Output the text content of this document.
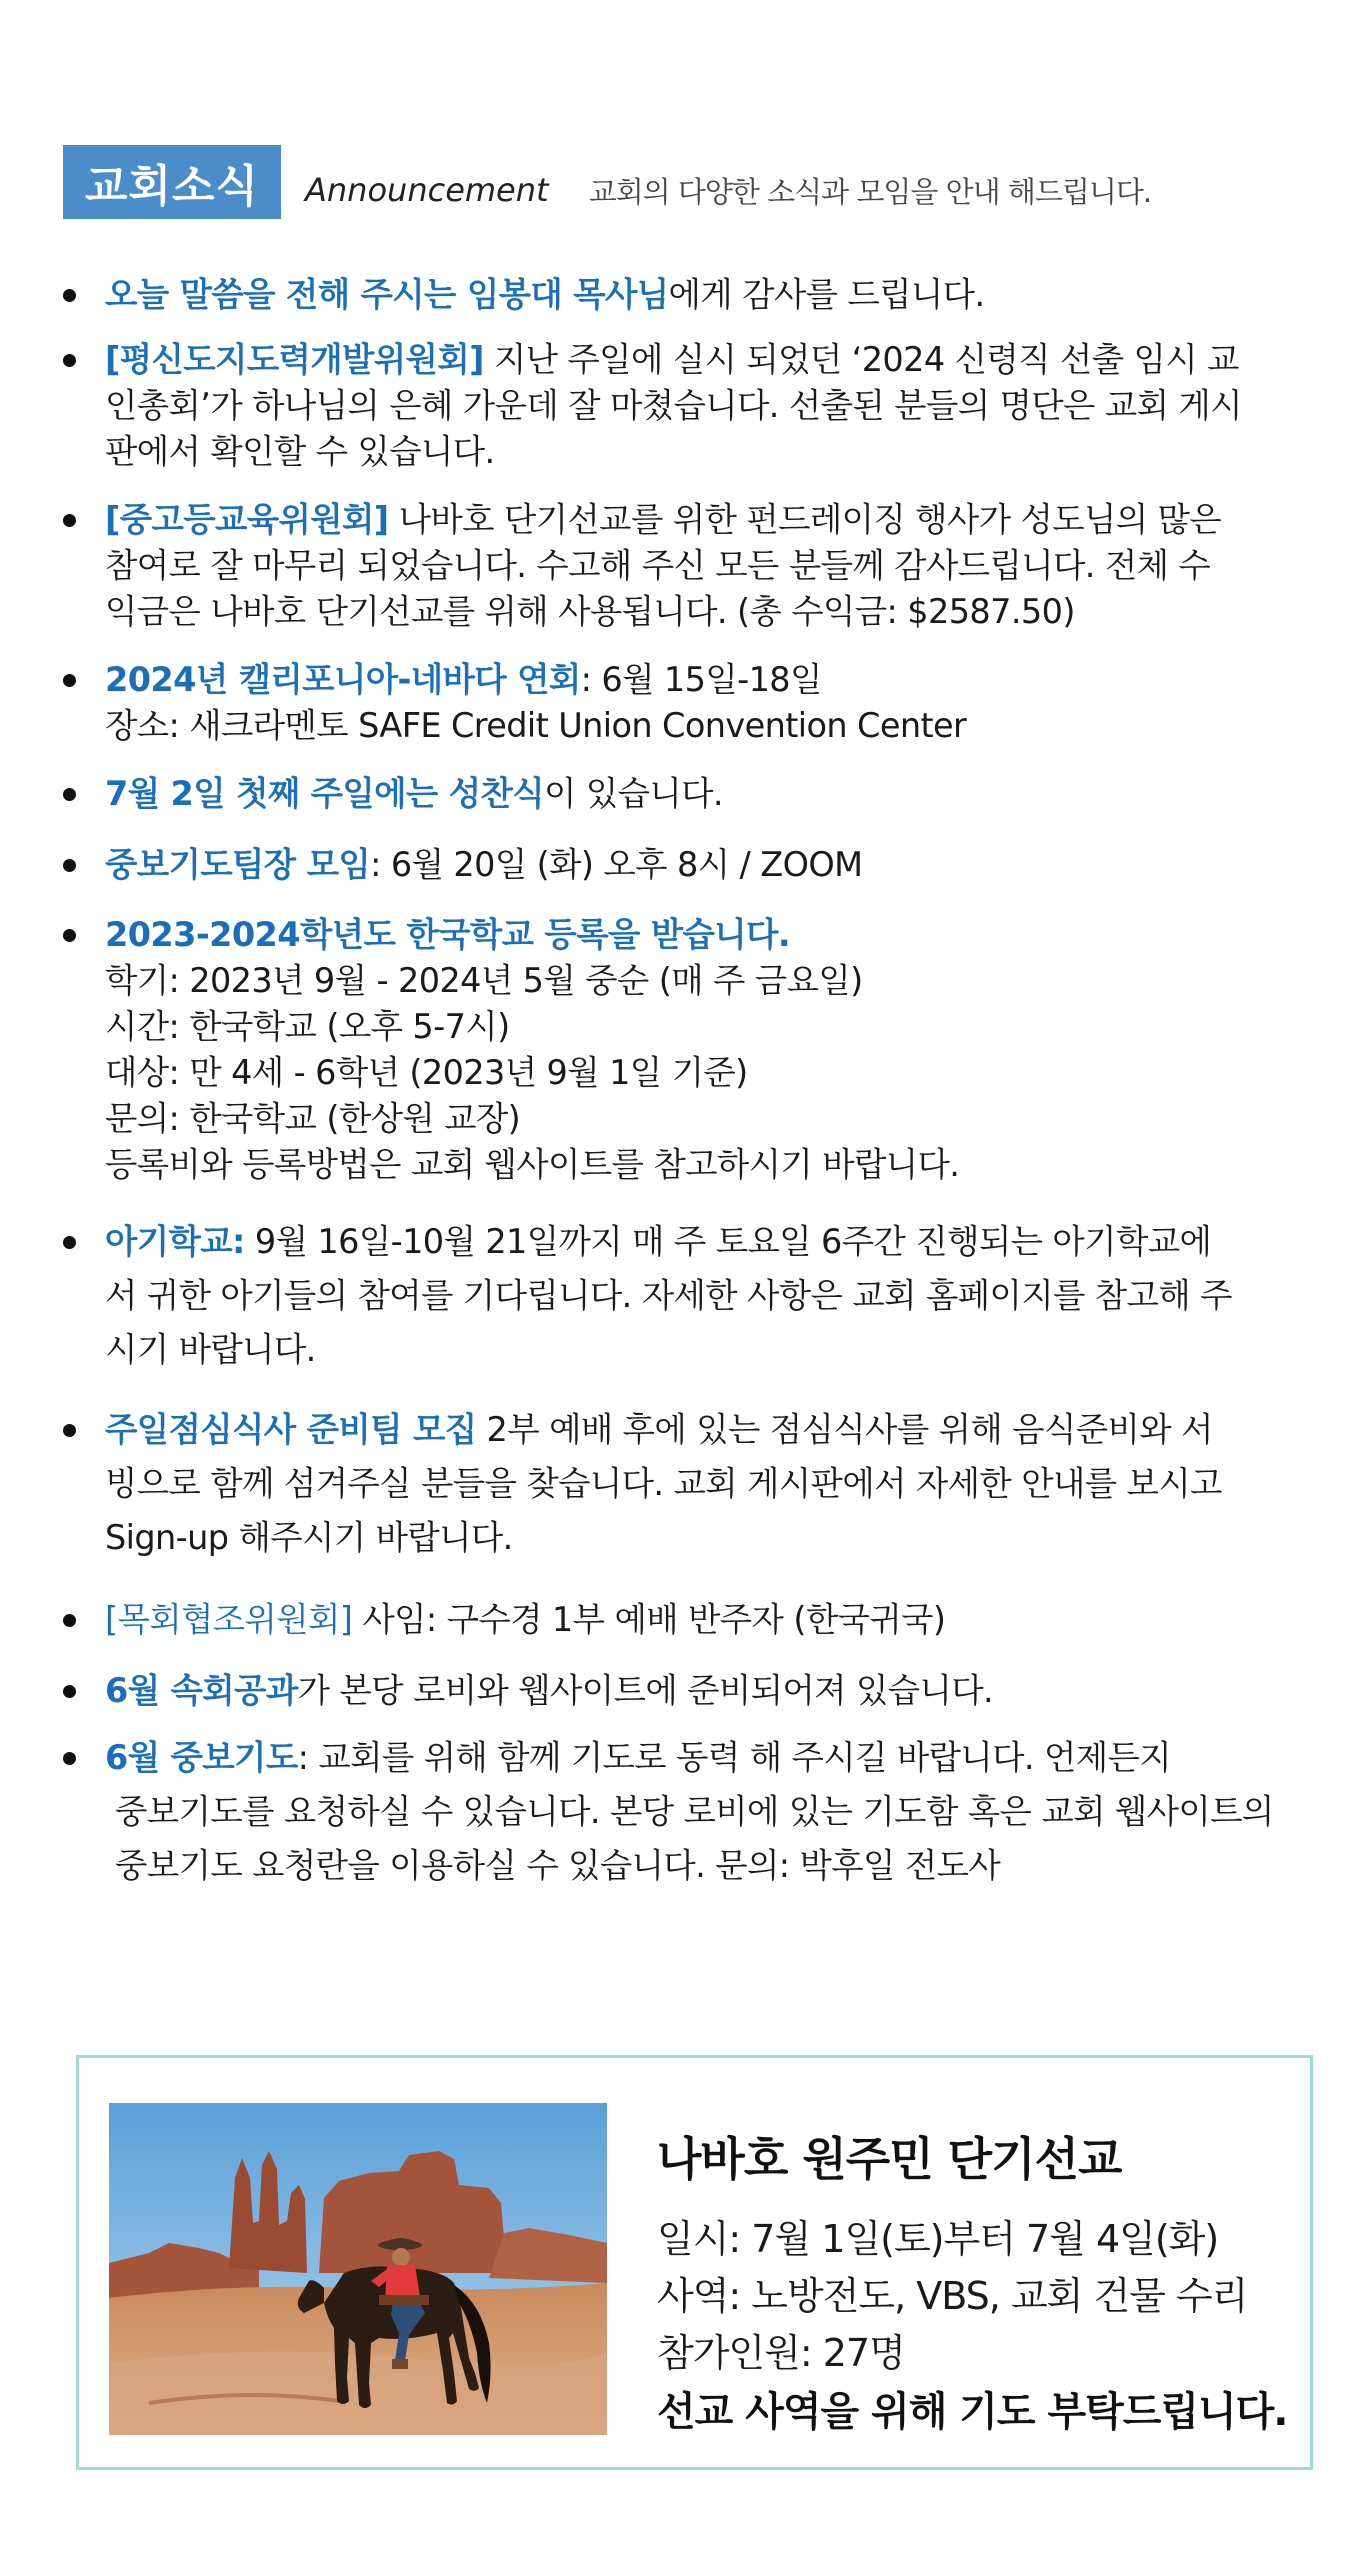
교회소식	Announcement 교회의 다양한 소식과 모임을 안내 해드립니다.
오늘 말씀을 전해 주시는 임봉대 목사님에게 감사를 드립니다.
[평신도지도력개발위원회] 지난 주일에 실시 되었던 ‘2024 신령직 선출 임시 교
인총회’가 하나님의 은혜 가운데 잘 마쳤습니다. 선출된 분들의 명단은 교회 게시
판에서 확인할 수 있습니다.
[중고등교육위원회] 나바호 단기선교를 위한 펀드레이징 행사가 성도님의 많은
참여로 잘 마무리 되었습니다. 수고해 주신 모든 분들께 감사드립니다. 전체 수
익금은 나바호 단기선교를 위해 사용됩니다. (총 수익금: $2587.50)
2024년 캘리포니아-네바다 연회: 6월 15일-18일
장소: 새크라멘토 SAFE Credit Union Convention Center
7월 2일 첫째 주일에는 성찬식이 있습니다.
중보기도팀장 모임: 6월 20일 (화) 오후 8시 / ZOOM
2023-2024학년도 한국학교 등록을 받습니다.
학기: 2023년 9월 - 2024년 5월 중순 (매 주 금요일)
시간: 한국학교 (오후 5-7시)
대상: 만 4세 - 6학년 (2023년 9월 1일 기준)
문의: 한국학교 (한상원 교장)
등록비와 등록방법은 교회 웹사이트를 참고하시기 바랍니다.
아기학교: 9월 16일-10월 21일까지 매 주 토요일 6주간 진행되는 아기학교에
서 귀한 아기들의 참여를 기다립니다. 자세한 사항은 교회 홈페이지를 참고해 주
시기 바랍니다.
주일점심식사 준비팀 모집 2부 예배 후에 있는 점심식사를 위해 음식준비와 서
빙으로 함께 섬겨주실 분들을 찾습니다. 교회 게시판에서 자세한 안내를 보시고
Sign-up 해주시기 바랍니다.
[목회협조위원회] 사임: 구수경 1부 예배 반주자 (한국귀국)
6월 속회공과가 본당 로비와 웹사이트에 준비되어져 있습니다.
6월 중보기도: 교회를 위해 함께 기도로 동력 해 주시길 바랍니다. 언제든지
중보기도를 요청하실 수 있습니다. 본당 로비에 있는 기도함 혹은 교회 웹사이트의
중보기도 요청란을 이용하실 수 있습니다. 문의: 박후일 전도사
나바호 원주민 단기선교
일시: 7월 1일(토)부터 7월 4일(화)
사역: 노방전도, VBS, 교회 건물 수리
참가인원: 27명
선교 사역을 위해 기도 부탁드립니다.
